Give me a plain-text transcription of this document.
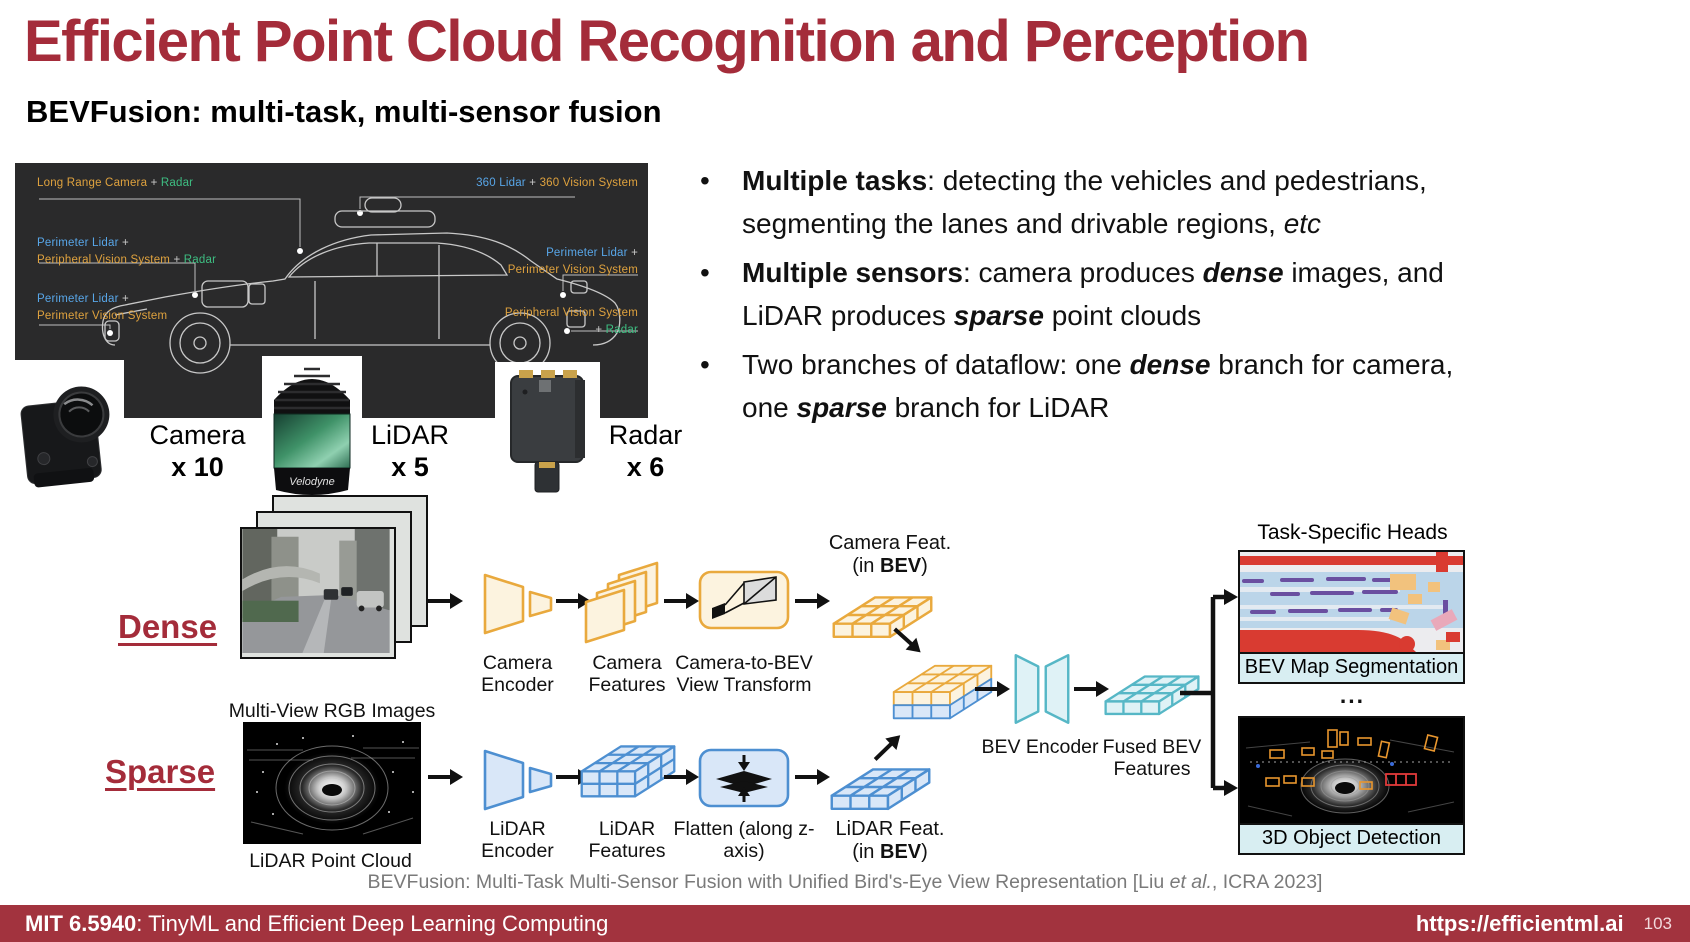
Efficient Point Cloud Recognition and Perception
BEVFusion: multi-task, multi-sensor fusion
Long Range Camera + Radar
Perimeter Lidar +
Peripheral Vision System + Radar
Perimeter Lidar +
Perimeter Vision System
360 Lidar + 360 Vision System
Perimeter Lidar +
Perimeter Vision System
Peripheral Vision System
+ Radar
Camera
x 10
Velodyne
LiDAR
x 5
Radar
x 6
•	Multiple tasks: detecting the vehicles and pedestrians, segmenting the lanes and drivable regions, etc
•	Multiple sensors: camera produces dense images, and LiDAR produces sparse point clouds
•	Two branches of dataflow: one dense branch for camera, one sparse branch for LiDAR
Dense
Multi-View RGB Images
Camera Encoder
Camera Features
Camera-to-BEV View Transform
Camera Feat.
(in BEV)
BEV Encoder Fused BEV Features
Task-Specific Heads
BEV Map Segmentation
...
3D Object Detection
Sparse
LiDAR Point Cloud
LiDAR Encoder
LiDAR Features
Flatten (along z-axis)
LiDAR Feat.
(in BEV)
BEVFusion: Multi-Task Multi-Sensor Fusion with Unified Bird's-Eye View Representation [Liu et al., ICRA 2023]
MIT 6.5940: TinyML and Efficient Deep Learning Computing	https://efficientml.ai 103
